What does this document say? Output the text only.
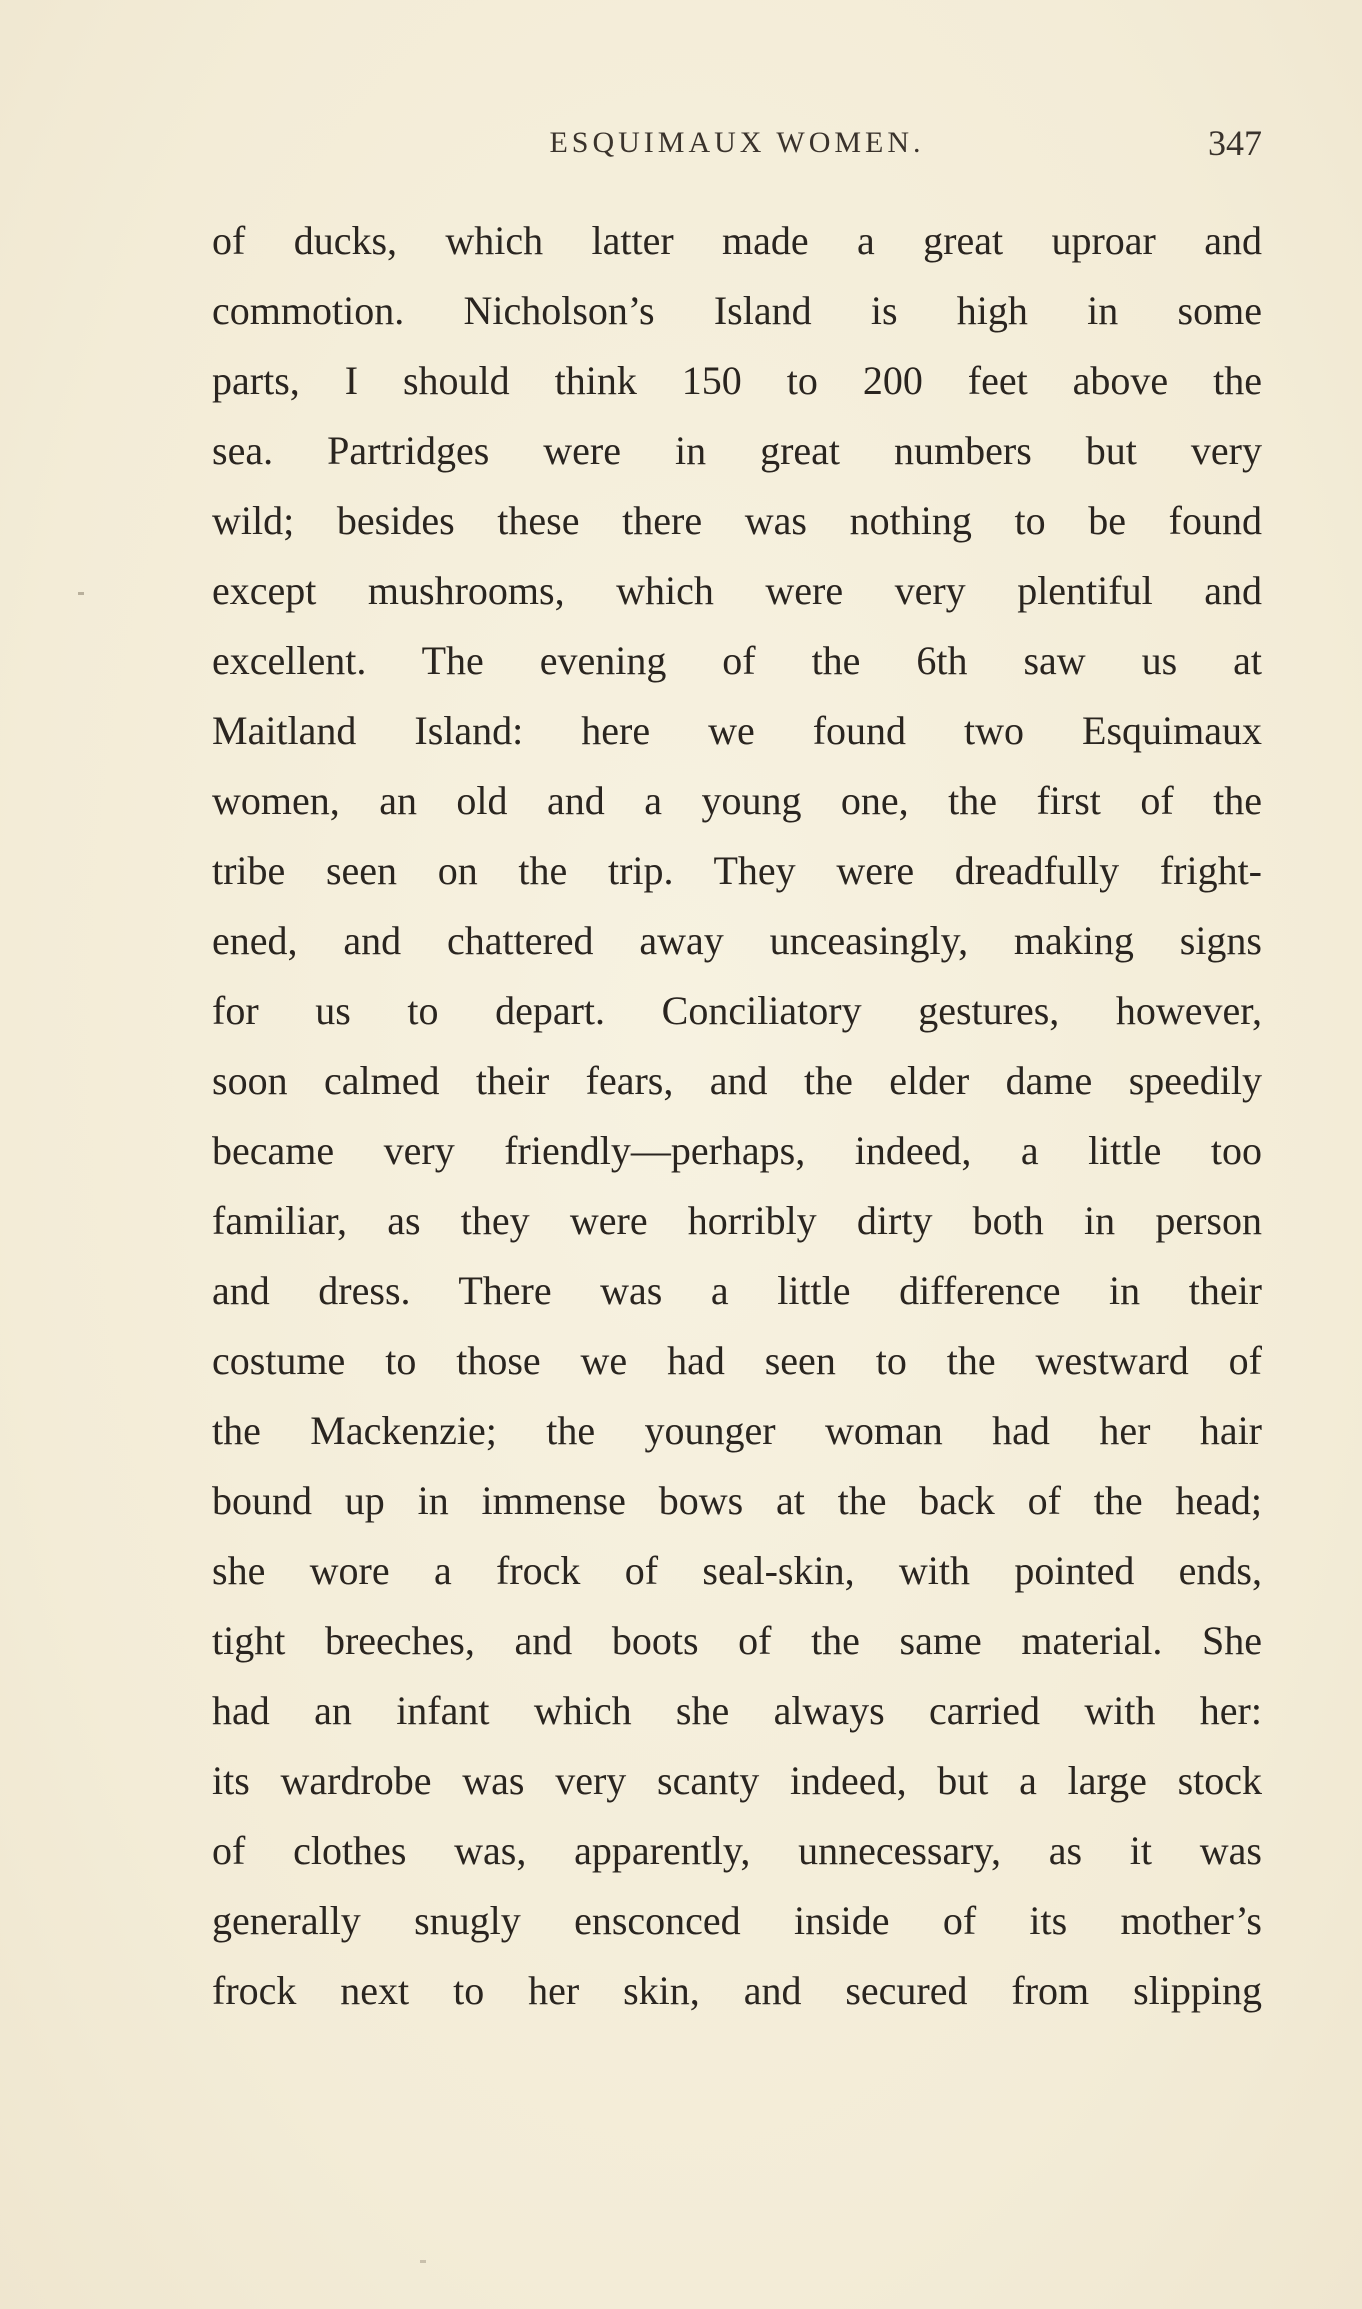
ESQUIMAUX WOMEN.	347
of ducks, which latter made a great uproar and
commotion. Nicholson’s Island is high in some
parts, I should think 150 to 200 feet above the
sea. Partridges were in great numbers but very
wild; besides these there was nothing to be found
except mushrooms, which were very plentiful and
excellent. The evening of the 6th saw us at
Maitland Island: here we found two Esquimaux
women, an old and a young one, the first of the
tribe seen on the trip. They were dreadfully fright-
ened, and chattered away unceasingly, making signs
for us to depart. Conciliatory gestures, however,
soon calmed their fears, and the elder dame speedily
became very friendly—perhaps, indeed, a little too
familiar, as they were horribly dirty both in person
and dress. There was a little difference in their
costume to those we had seen to the westward of
the Mackenzie; the younger woman had her hair
bound up in immense bows at the back of the head;
she wore a frock of seal-skin, with pointed ends,
tight breeches, and boots of the same material. She
had an infant which she always carried with her:
its wardrobe was very scanty indeed, but a large stock
of clothes was, apparently, unnecessary, as it was
generally snugly ensconced inside of its mother’s
frock next to her skin, and secured from slipping
